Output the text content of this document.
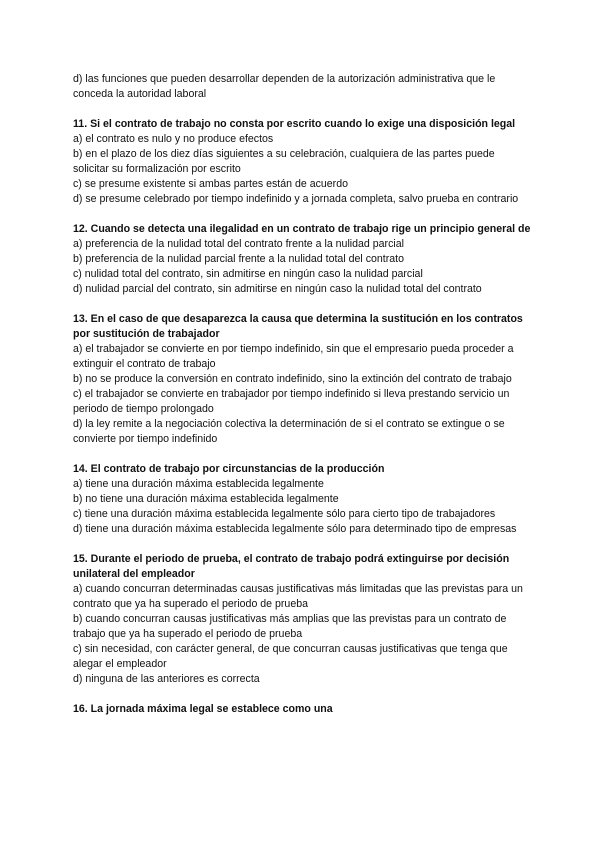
d) las funciones que pueden desarrollar dependen de la autorización administrativa que le conceda la autoridad laboral

11. Si el contrato de trabajo no consta por escrito cuando lo exige una disposición legal

a) el contrato es nulo y no produce efectos

b) en el plazo de los diez días siguientes a su celebración, cualquiera de las partes puede solicitar su formalización por escrito

c) se presume existente si ambas partes están de acuerdo

d) se presume celebrado por tiempo indefinido y a jornada completa, salvo prueba en contrario

12. Cuando se detecta una ilegalidad en un contrato de trabajo rige un principio general de

a) preferencia de la nulidad total del contrato frente a la nulidad parcial

b) preferencia de la nulidad parcial frente a la nulidad total del contrato

c) nulidad total del contrato, sin admitirse en ningún caso la nulidad parcial

d) nulidad parcial del contrato, sin admitirse en ningún caso la nulidad total del contrato

13. En el caso de que desaparezca la causa que determina la sustitución en los contratos por sustitución de trabajador

a) el trabajador se convierte en por tiempo indefinido, sin que el empresario pueda proceder a extinguir el contrato de trabajo

b) no se produce la conversión en contrato indefinido, sino la extinción del contrato de trabajo

c) el trabajador se convierte en trabajador por tiempo indefinido si lleva prestando servicio un periodo de tiempo prolongado

d) la ley remite a la negociación colectiva la determinación de si el contrato se extingue o se convierte por tiempo indefinido

14. El contrato de trabajo por circunstancias de la producción

a) tiene una duración máxima establecida legalmente

b) no tiene una duración máxima establecida legalmente

c) tiene una duración máxima establecida legalmente sólo para cierto tipo de trabajadores

d) tiene una duración máxima establecida legalmente sólo para determinado tipo de empresas

15. Durante el periodo de prueba, el contrato de trabajo podrá extinguirse por decisión unilateral del empleador

a) cuando concurran determinadas causas justificativas más limitadas que las previstas para un contrato que ya ha superado el periodo de prueba

b) cuando concurran causas justificativas más amplias que las previstas para un contrato de trabajo que ya ha superado el periodo de prueba

c) sin necesidad, con carácter general, de que concurran causas justificativas que tenga que alegar el empleador

d) ninguna de las anteriores es correcta

16. La jornada máxima legal se establece como una
